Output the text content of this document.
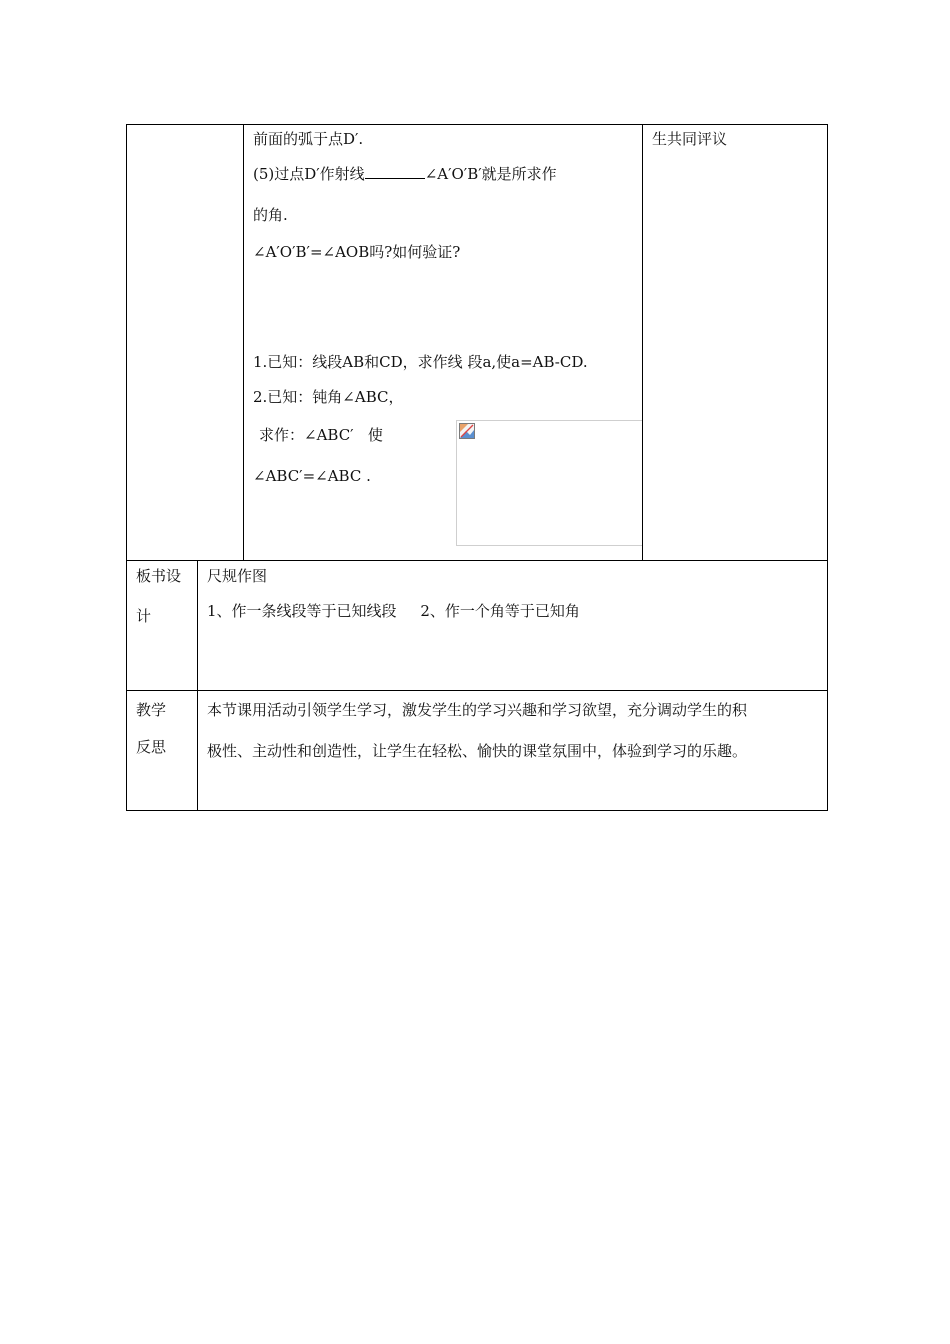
前面的弧于点D′.
(5)过点D′作射线	∠A′O′B′就是所求作
的角.
∠A′O′B′=∠AOB吗?如何验证?
1.已知：线段AB和CD，求作线 段a,使a=AB-CD.
2.已知：钝角∠ABC，
求作：∠ABC′   使
∠ABC′=∠ABC .
生共同评议
板书设
计
尺规作图
1、作一条线段等于已知线段     2、作一个角等于已知角
教学
反思
本节课用活动引领学生学习，激发学生的学习兴趣和学习欲望，充分调动学生的积
极性、主动性和创造性，让学生在轻松、愉快的课堂氛围中，体验到学习的乐趣。
